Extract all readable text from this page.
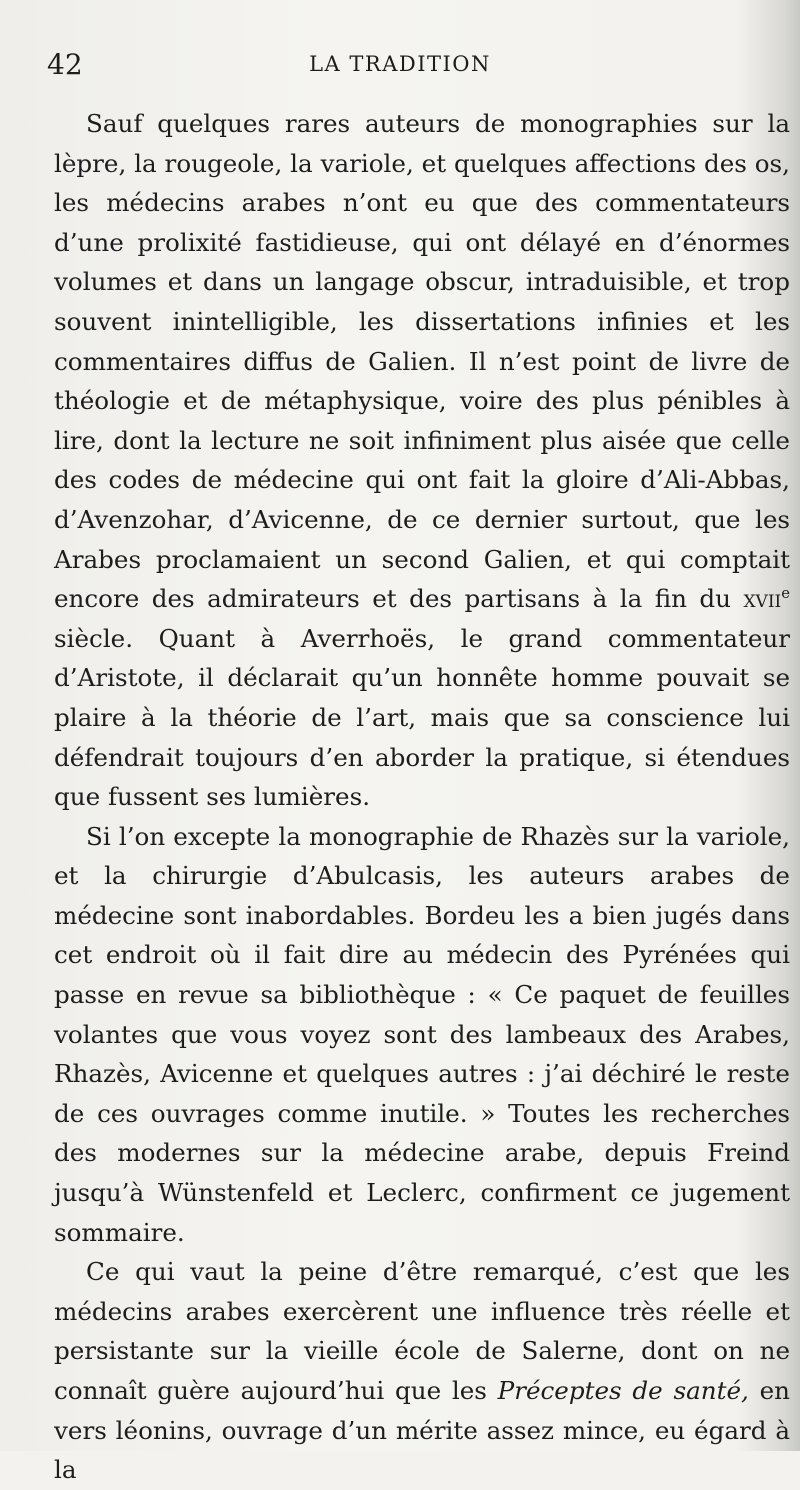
42	LA TRADITION

Sauf quelques rares auteurs de monographies sur la lèpre, la rougeole, la variole, et quelques affections des os, les médecins arabes n’ont eu que des commentateurs d’une prolixité fastidieuse, qui ont délayé en d’énormes volumes et dans un langage obscur, intraduisible, et trop souvent inintelligible, les dissertations infinies et les commentaires diffus de Galien. Il n’est point de livre de théologie et de métaphysique, voire des plus pénibles à lire, dont la lecture ne soit infiniment plus aisée que celle des codes de médecine qui ont fait la gloire d’Ali-Abbas, d’Avenzohar, d’Avicenne, de ce dernier surtout, que les Arabes proclamaient un second Galien, et qui comptait encore des admirateurs et des partisans à la fin du xvii$^e$ siècle. Quant à Averrhoës, le grand commentateur d’Aristote, il déclarait qu’un honnête homme pouvait se plaire à la théorie de l’art, mais que sa conscience lui défendrait toujours d’en aborder la pratique, si étendues que fussent ses lumières.

Si l’on excepte la monographie de Rhazès sur la variole, et la chirurgie d’Abulcasis, les auteurs arabes de médecine sont inabordables. Bordeu les a bien jugés dans cet endroit où il fait dire au médecin des Pyrénées qui passe en revue sa bibliothèque : « Ce paquet de feuilles volantes que vous voyez sont des lambeaux des Arabes, Rhazès, Avicenne et quelques autres : j’ai déchiré le reste de ces ouvrages comme inutile. » Toutes les recherches des modernes sur la médecine arabe, depuis Freind jusqu’à Wünstenfeld et Leclerc, confirment ce jugement sommaire.

Ce qui vaut la peine d’être remarqué, c’est que les médecins arabes exercèrent une influence très réelle et persistante sur la vieille école de Salerne, dont on ne connaît guère aujourd’hui que les Préceptes de santé, en vers léonins, ouvrage d’un mérite assez mince, eu égard à la
